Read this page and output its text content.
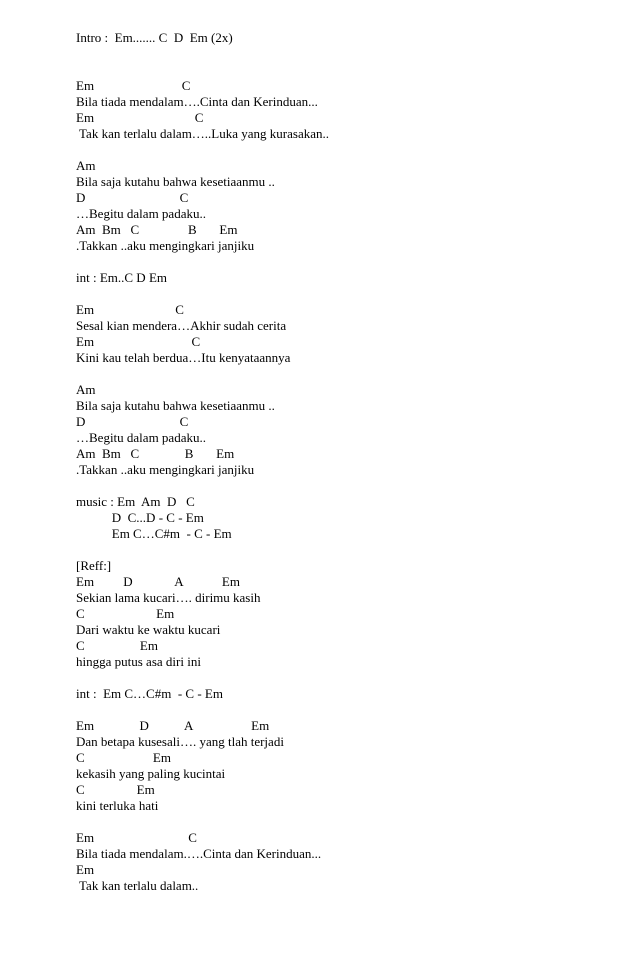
Intro :  Em....... C  D  Em (2x)

Em                           C

Bila tiada mendalam….Cinta dan Kerinduan...

Em                               C

Tak kan terlalu dalam…..Luka yang kurasakan..

Am

Bila saja kutahu bahwa kesetiaanmu ..

D                             C

…Begitu dalam padaku..

Am  Bm   C               B       Em

.Takkan ..aku mengingkari janjiku

int : Em..C D Em

Em                         C

Sesal kian mendera…Akhir sudah cerita

Em                              C

Kini kau telah berdua…Itu kenyataannya

Am

Bila saja kutahu bahwa kesetiaanmu ..

D                             C

…Begitu dalam padaku..

Am  Bm   C              B       Em

.Takkan ..aku mengingkari janjiku

music : Em  Am  D   C

D  C...D - C - Em

Em C…C#m  - C - Em

[Reff:]

Em         D             A            Em

Sekian lama kucari…. dirimu kasih

C                      Em

Dari waktu ke waktu kucari

C                 Em

hingga putus asa diri ini

int :  Em C…C#m  - C - Em

Em              D           A                  Em

Dan betapa kusesali…. yang tlah terjadi

C                     Em

kekasih yang paling kucintai

C                Em

kini terluka hati

Em                             C

Bila tiada mendalam.….Cinta dan Kerinduan...

Em

Tak kan terlalu dalam..
